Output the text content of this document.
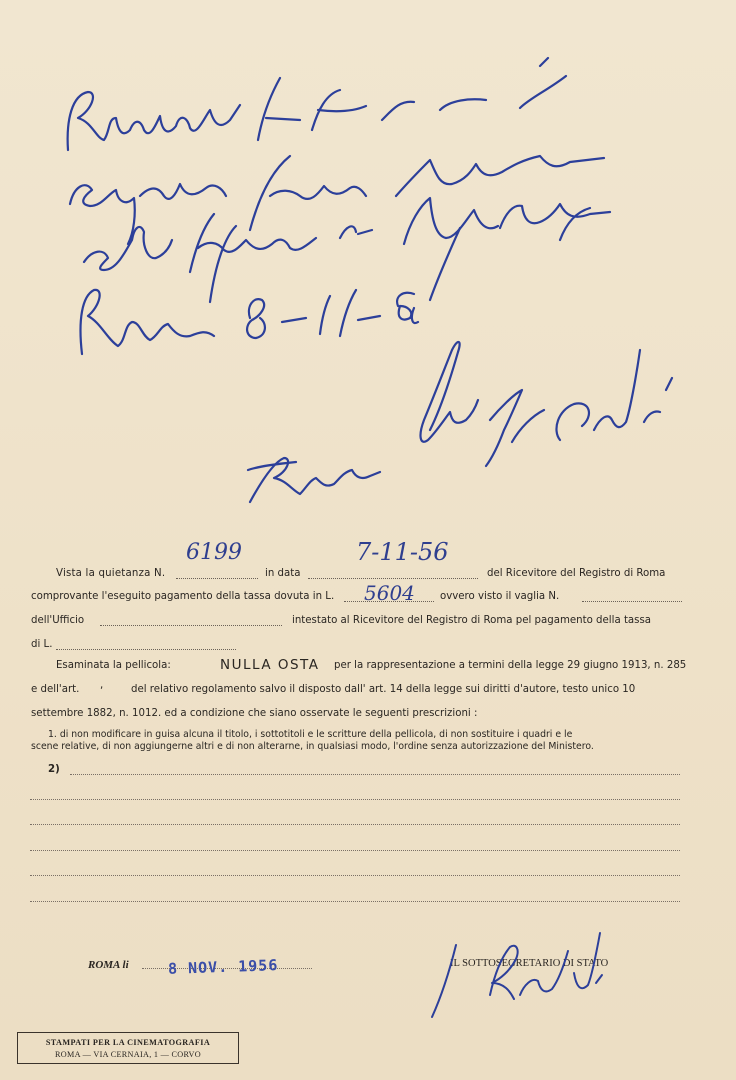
Vista la quietanza N.
6199
in data
7-11-56
del Ricevitore del Registro di Roma
comprovante l'eseguito pagamento della tassa dovuta in L. 5604 ovvero visto il vaglia N.
dell'Ufficio	intestato al Ricevitore del Registro di Roma pel pagamento della tassa
di L.
Esaminata la pellicola:	NULLA OSTA per la rappresentazione a termini della legge 29 giugno 1913, n. 285
e dell'art. ,	del relativo regolamento salvo il disposto dall' art. 14 della legge sui diritti d'autore, testo unico 10
settembre 1882, n. 1012. ed a condizione che siano osservate le seguenti prescrizioni :
1. di non modificare in guisa alcuna il titolo, i sottotitoli e le scritture della pellicola, di non sostituire i quadri e le
scene relative, di non aggiungerne altri e di non alterarne, in qualsiasi modo, l'ordine senza autorizzazione del Ministero.
2)
ROMA li	8 NOV. 1956	IL SOTTOSEGRETARIO DI STATO
STAMPATI PER LA CINEMATOGRAFIA
ROMA — VIA CERNAIA, 1 — CORVO
